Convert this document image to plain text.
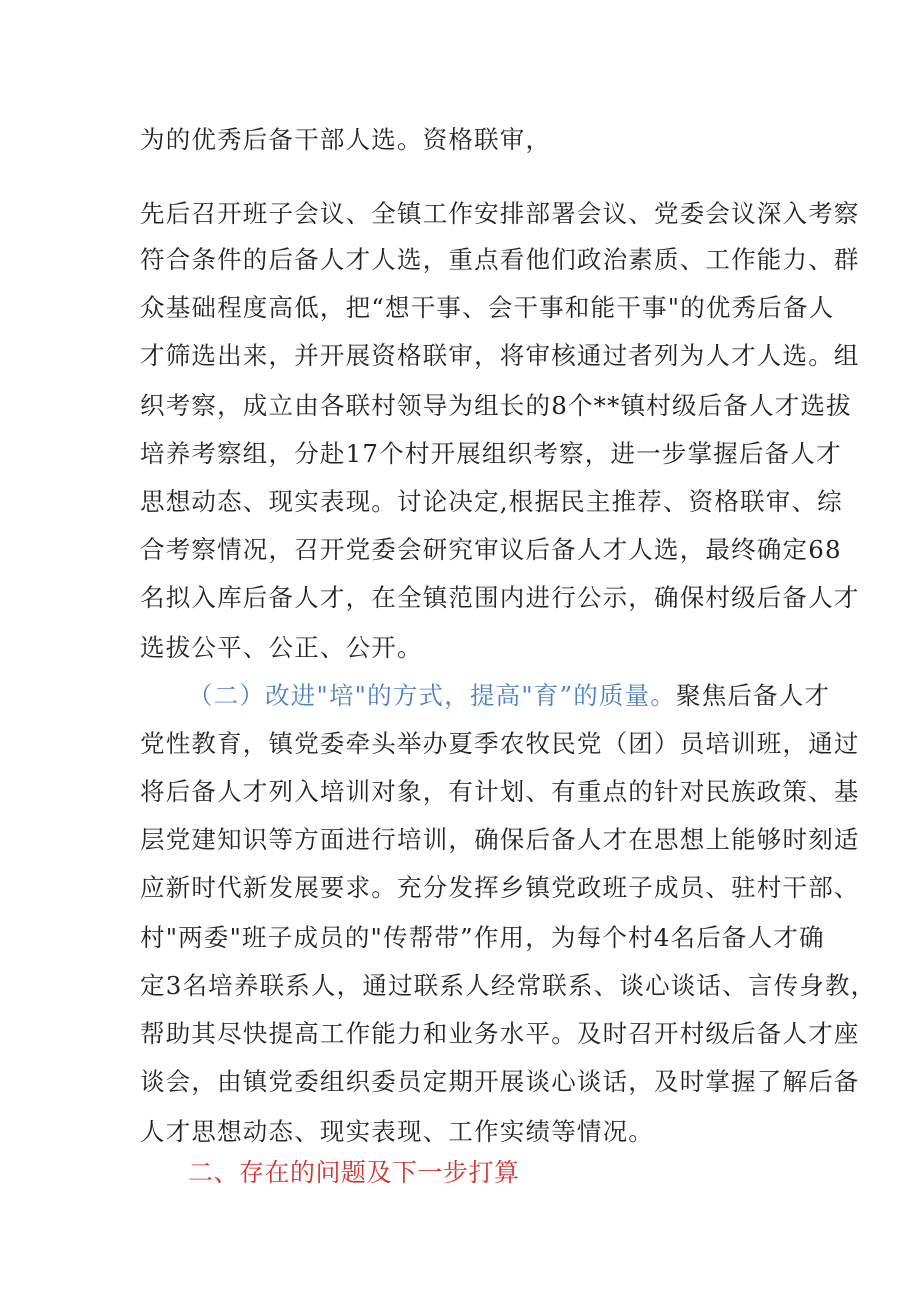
为的优秀后备干部人选。资格联审，
先后召开班子会议、全镇工作安排部署会议、党委会议深入考察
符合条件的后备人才人选，重点看他们政治素质、工作能力、群
众基础程度高低，把“想干事、会干事和能干事"的优秀后备人
才筛选出来，并开展资格联审，将审核通过者列为人才人选。组
织考察，成立由各联村领导为组长的8个**镇村级后备人才选拔
培养考察组，分赴17个村开展组织考察，进一步掌握后备人才
思想动态、现实表现。讨论决定,根据民主推荐、资格联审、综
合考察情况，召开党委会研究审议后备人才人选，最终确定68
名拟入库后备人才，在全镇范围内进行公示，确保村级后备人才
选拔公平、公正、公开。
（二）改进"培"的方式，提高"育”的质量。聚焦后备人才
党性教育，镇党委牵头举办夏季农牧民党（团）员培训班，通过
将后备人才列入培训对象，有计划、有重点的针对民族政策、基
层党建知识等方面进行培训，确保后备人才在思想上能够时刻适
应新时代新发展要求。充分发挥乡镇党政班子成员、驻村干部、
村"两委"班子成员的"传帮带”作用，为每个村4名后备人才确
定3名培养联系人，通过联系人经常联系、谈心谈话、言传身教，
帮助其尽快提高工作能力和业务水平。及时召开村级后备人才座
谈会，由镇党委组织委员定期开展谈心谈话，及时掌握了解后备
人才思想动态、现实表现、工作实绩等情况。
二、存在的问题及下一步打算
